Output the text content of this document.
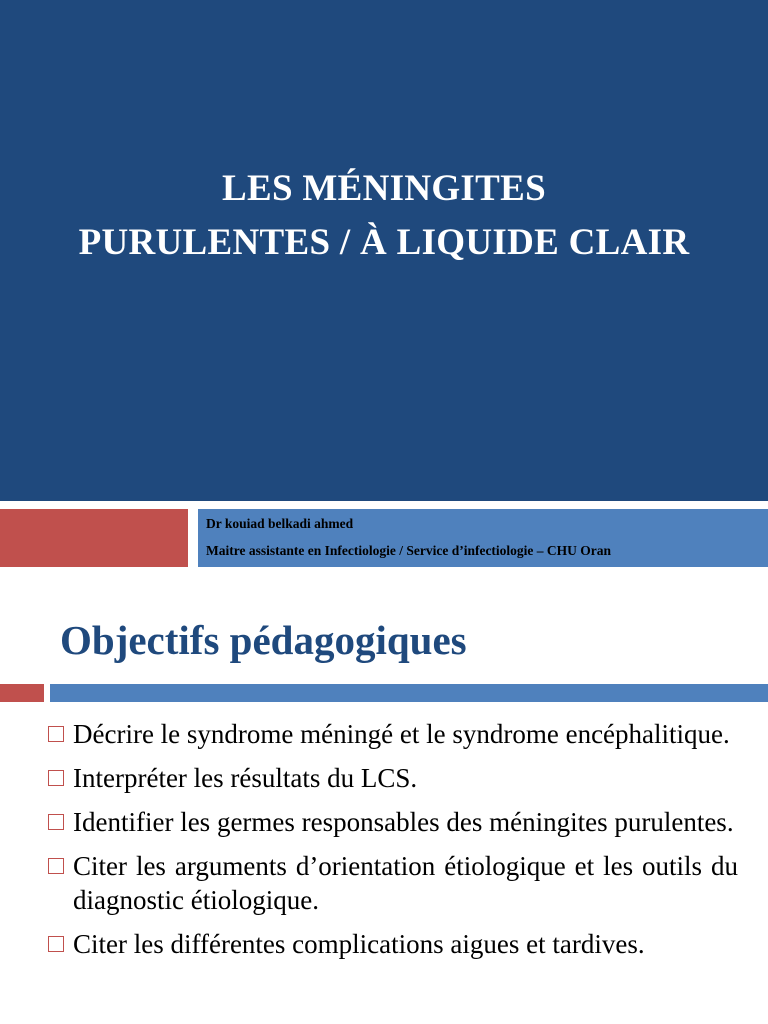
LES MÉNINGITES
PURULENTES / À LIQUIDE CLAIR
Dr kouiad belkadi ahmed
Maitre assistante en Infectiologie / Service d’infectiologie – CHU Oran
Objectifs pédagogiques
Décrire le syndrome méningé et le syndrome encéphalitique.
Interpréter les résultats du LCS.
Identifier les germes responsables des méningites purulentes.
Citer les arguments d’orientation étiologique et les outils du diagnostic étiologique.
Citer les différentes complications aigues et tardives.
